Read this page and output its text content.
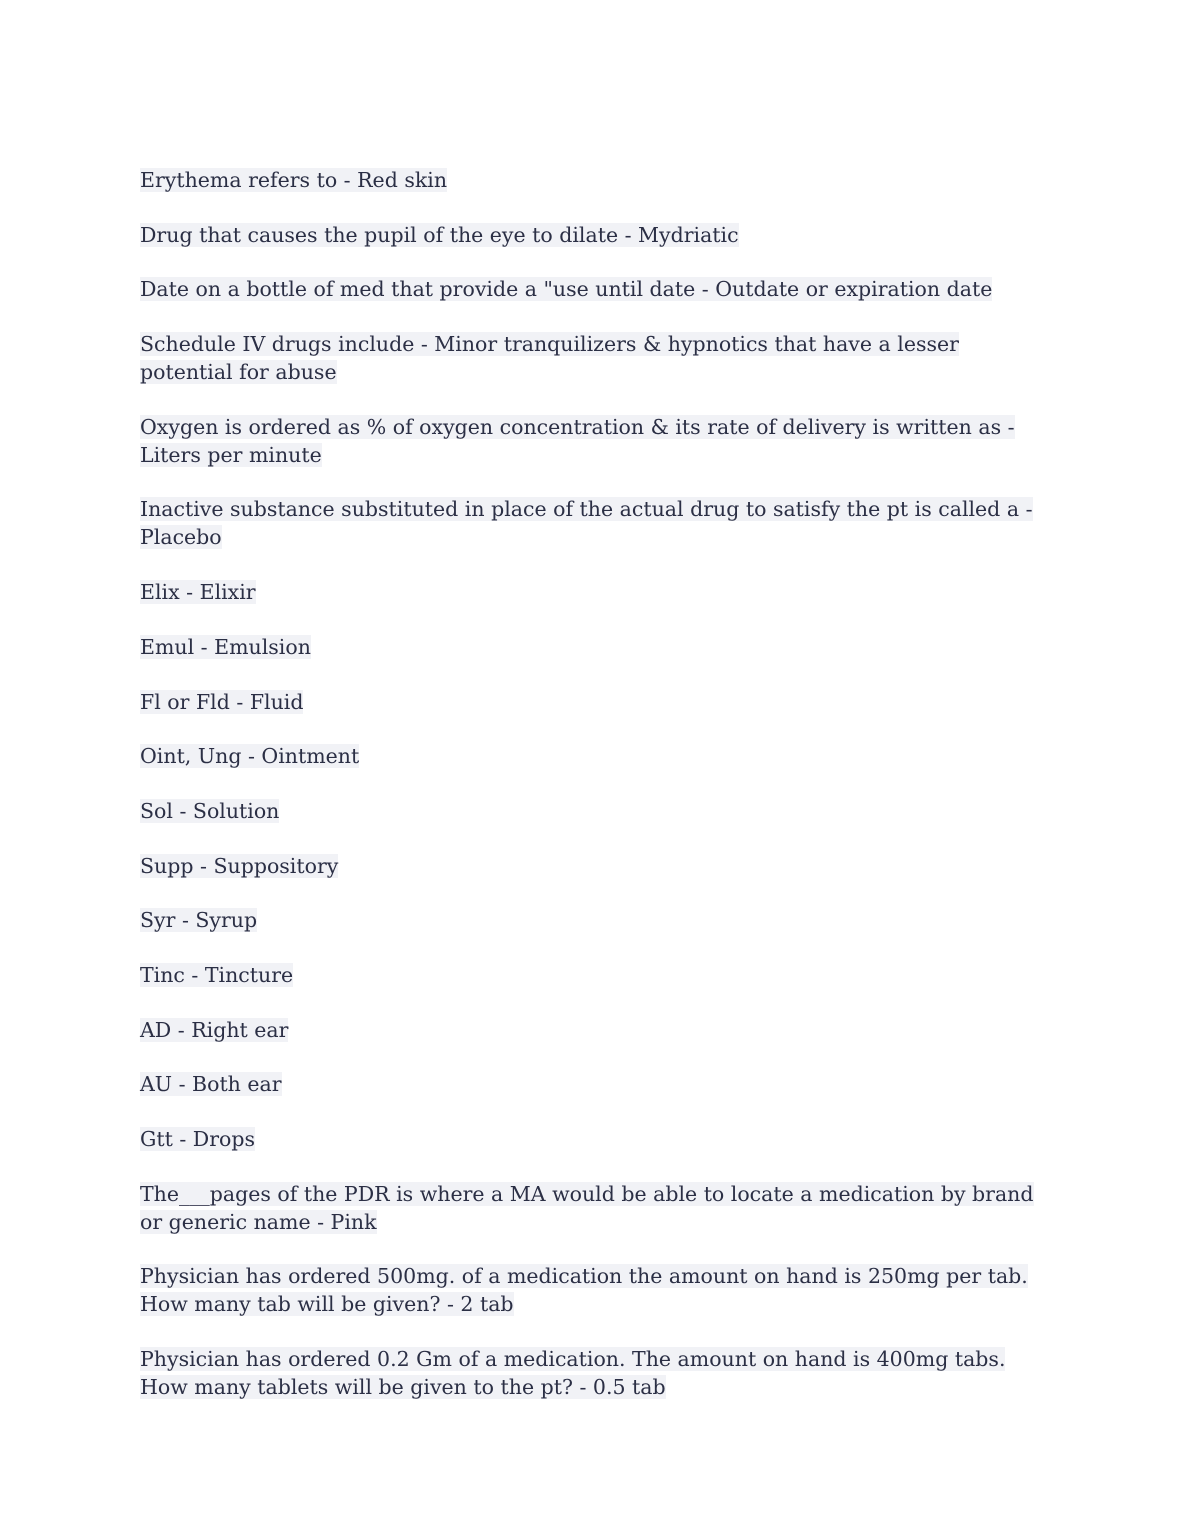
Erythema refers to - Red skin

Drug that causes the pupil of the eye to dilate - Mydriatic

Date on a bottle of med that provide a "use until date - Outdate or expiration date

Schedule IV drugs include - Minor tranquilizers & hypnotics that have a lesser potential for abuse

Oxygen is ordered as % of oxygen concentration & its rate of delivery is written as - Liters per minute

Inactive substance substituted in place of the actual drug to satisfy the pt is called a - Placebo

Elix - Elixir

Emul - Emulsion

Fl or Fld - Fluid

Oint, Ung - Ointment

Sol - Solution

Supp - Suppository

Syr - Syrup

Tinc - Tincture

AD - Right ear

AU - Both ear

Gtt - Drops

The___pages of the PDR is where a MA would be able to locate a medication by brand or generic name - Pink

Physician has ordered 500mg. of a medication the amount on hand is 250mg per tab. How many tab will be given? - 2 tab

Physician has ordered 0.2 Gm of a medication. The amount on hand is 400mg tabs. How many tablets will be given to the pt? - 0.5 tab
